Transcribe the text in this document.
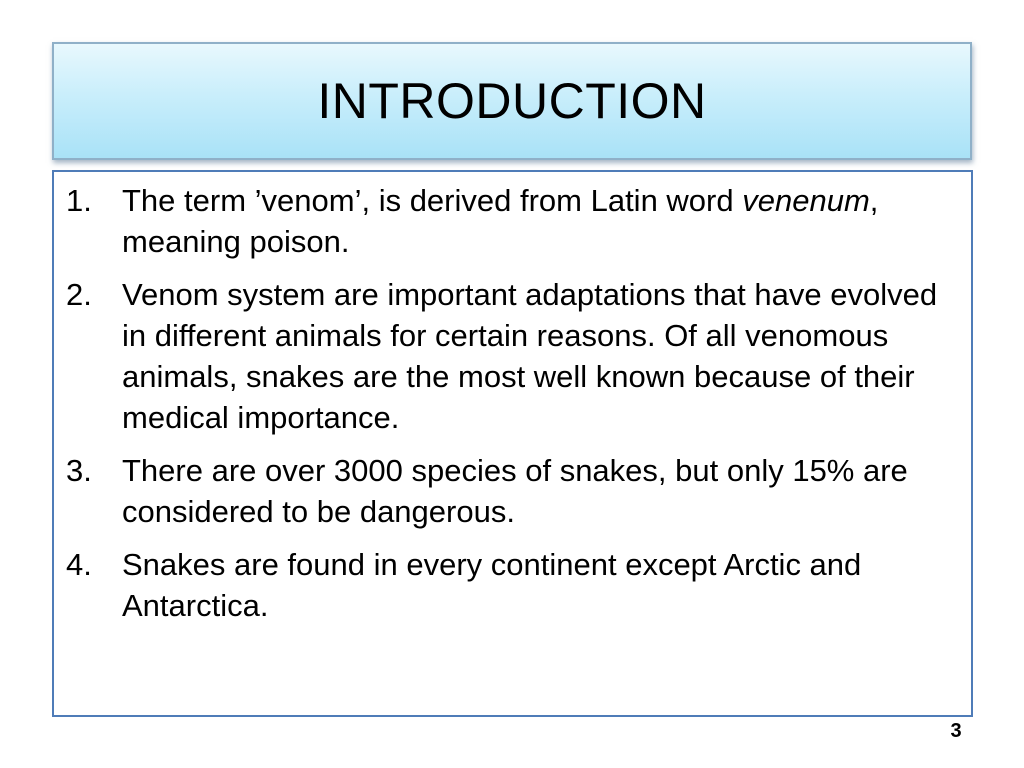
INTRODUCTION
1. The term ’venom’, is derived from Latin word venenum, meaning poison.
2. Venom system are important adaptations that have evolved in different animals for certain reasons. Of all venomous animals, snakes are the most well known because of their medical importance.
3. There are over 3000 species of snakes, but only 15% are considered to be dangerous.
4. Snakes are found in every continent except Arctic and Antarctica.
3
